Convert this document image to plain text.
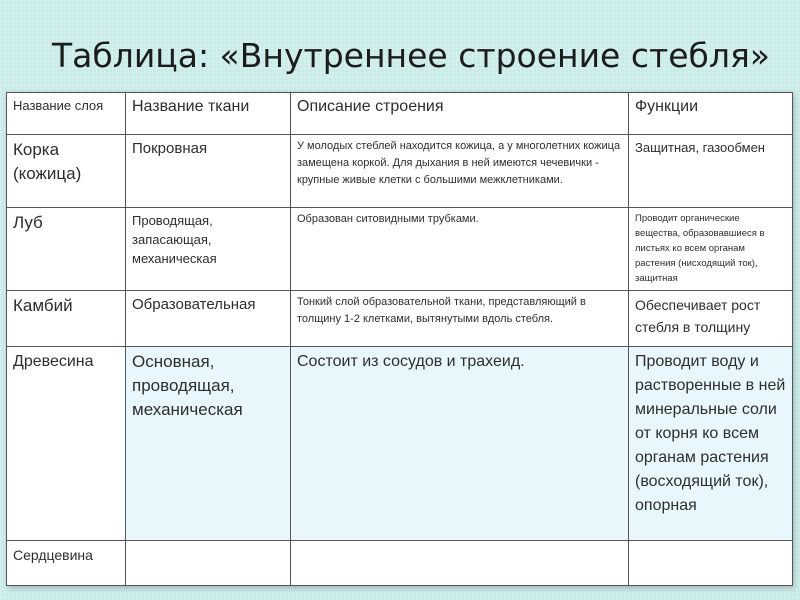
Таблица: «Внутреннее строение стебля»
Название слоя	Название ткани	Описание строения	Функции
Корка (кожица)	Покровная	У молодых стеблей находится кожица, а у многолетних кожица замещена коркой. Для дыхания в ней имеются чечевички - крупные живые клетки с большими межклетниками.	Защитная, газообмен
Луб	Проводящая, запасающая, механическая	Образован ситовидными трубками.	Проводит органические вещества, образовавшиеся в листьях ко всем органам растения (нисходящий ток), защитная
Камбий	Образовательная	Тонкий слой образовательной ткани, представляющий в толщину 1-2 клетками, вытянутыми вдоль стебля.	Обеспечивает рост стебля в толщину
Древесина	Основная, проводящая, механическая	Состоит из сосудов и трахеид.	Проводит воду и растворенные в ней минеральные соли от корня ко всем органам растения (восходящий ток), опорная
Сердцевина			
